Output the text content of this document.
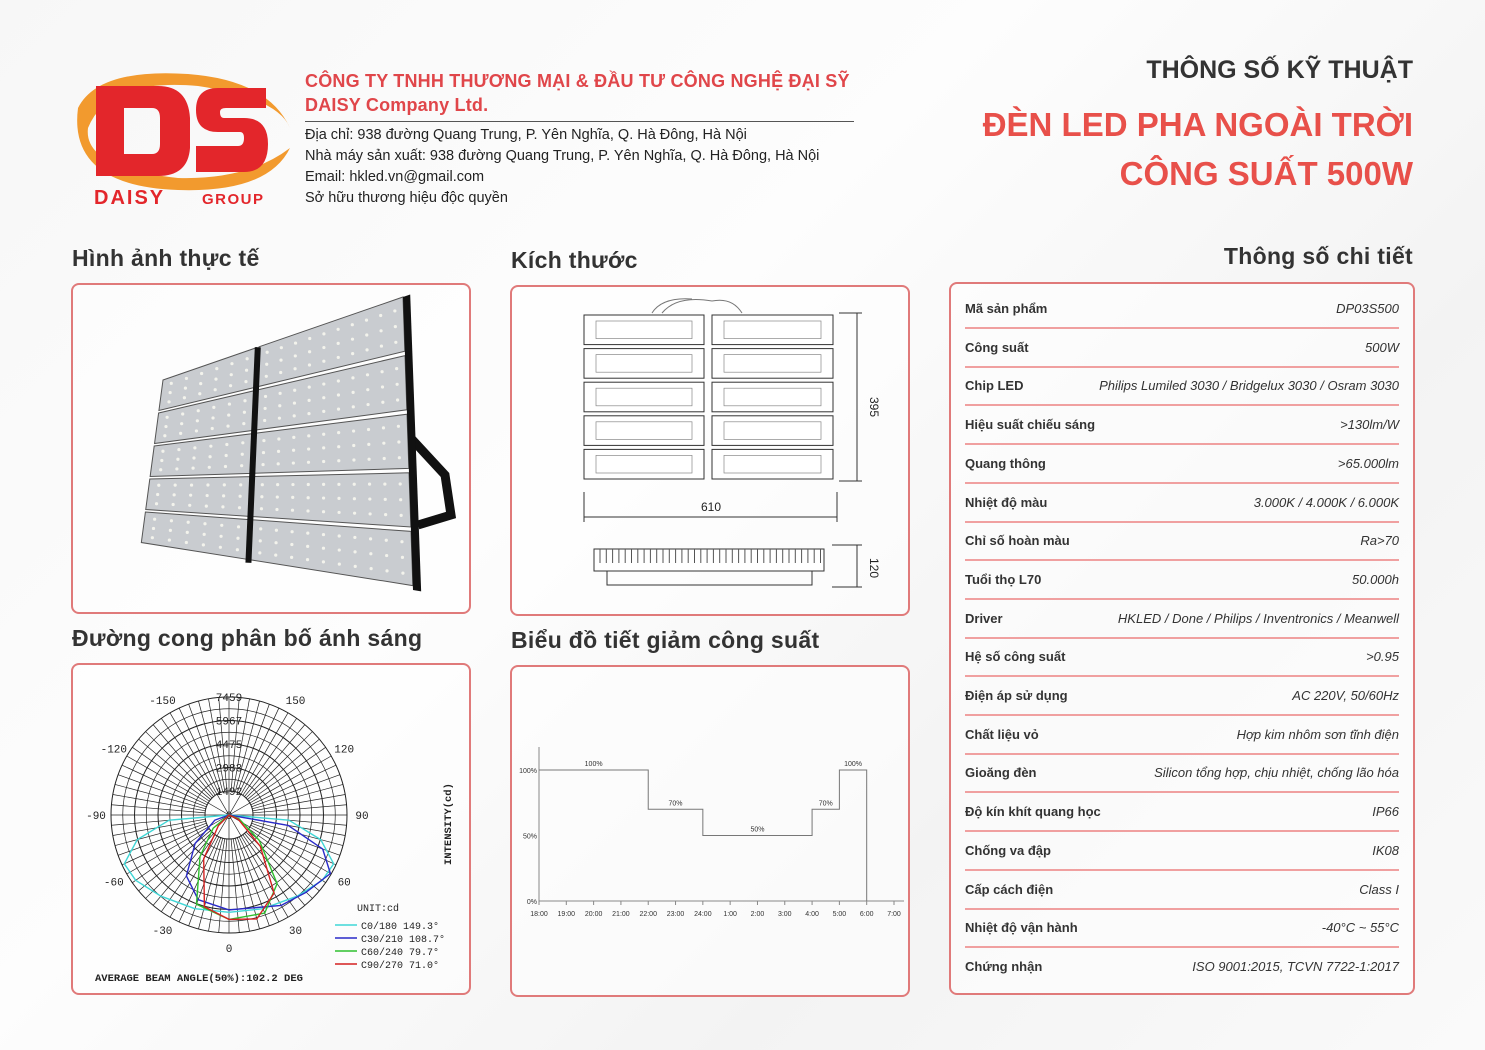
DAISY GROUP
CÔNG TY TNHH THƯƠNG MẠI & ĐẦU TƯ CÔNG NGHỆ ĐẠI SỸ
DAISY Company Ltd.
Địa chỉ: 938 đường Quang Trung, P. Yên Nghĩa, Q. Hà Đông, Hà Nội
Nhà máy sản xuất: 938 đường Quang Trung, P. Yên Nghĩa, Q. Hà Đông, Hà Nội
Email: hkled.vn@gmail.com
Sở hữu thương hiệu độc quyền
THÔNG SỐ KỸ THUẬT
ĐÈN LED PHA NGOÀI TRỜI
CÔNG SUẤT 500W
Hình ảnh thực tế	Kích thước	Thông số chi tiết
Đường cong phân bố ánh sáng	Biểu đồ tiết giảm công suất
395
610
120
0
1492
2983
4475
5967
7459
0
30
60
90
120
150
-30
-60
-90
-120
-150
C0/180 149.3°
C30/210 108.7°
C60/240 79.7°
C90/270 71.0°
UNIT:cd
AVERAGE BEAM ANGLE(50%):102.2 DEG
INTENSITY(cd)
18:00 19:00 20:00 21:00 22:00 23:00 24:00 1:00 2:00 3:00 4:00 5:00 6:00 7:00
0%
50%
100%
100%
70%
50%
70%
100%
Mã sản phẩm	DP03S500
Công suất	500W
Chip LED	Philips Lumiled 3030 / Bridgelux 3030 / Osram 3030
Hiệu suất chiếu sáng	>130lm/W
Quang thông	>65.000lm
Nhiệt độ màu	3.000K / 4.000K / 6.000K
Chỉ số hoàn màu	Ra>70
Tuổi thọ L70	50.000h
Driver	HKLED / Done / Philips / Inventronics / Meanwell
Hệ số công suất	>0.95
Điện áp sử dụng	AC 220V, 50/60Hz
Chất liệu vỏ	Hợp kim nhôm sơn tĩnh điện
Gioăng đèn	Silicon tổng hợp, chịu nhiệt, chống lão hóa
Độ kín khít quang học	IP66
Chống va đập	IK08
Cấp cách điện	Class I
Nhiệt độ vận hành	-40°C ~ 55°C
Chứng nhận	ISO 9001:2015, TCVN 7722-1:2017
